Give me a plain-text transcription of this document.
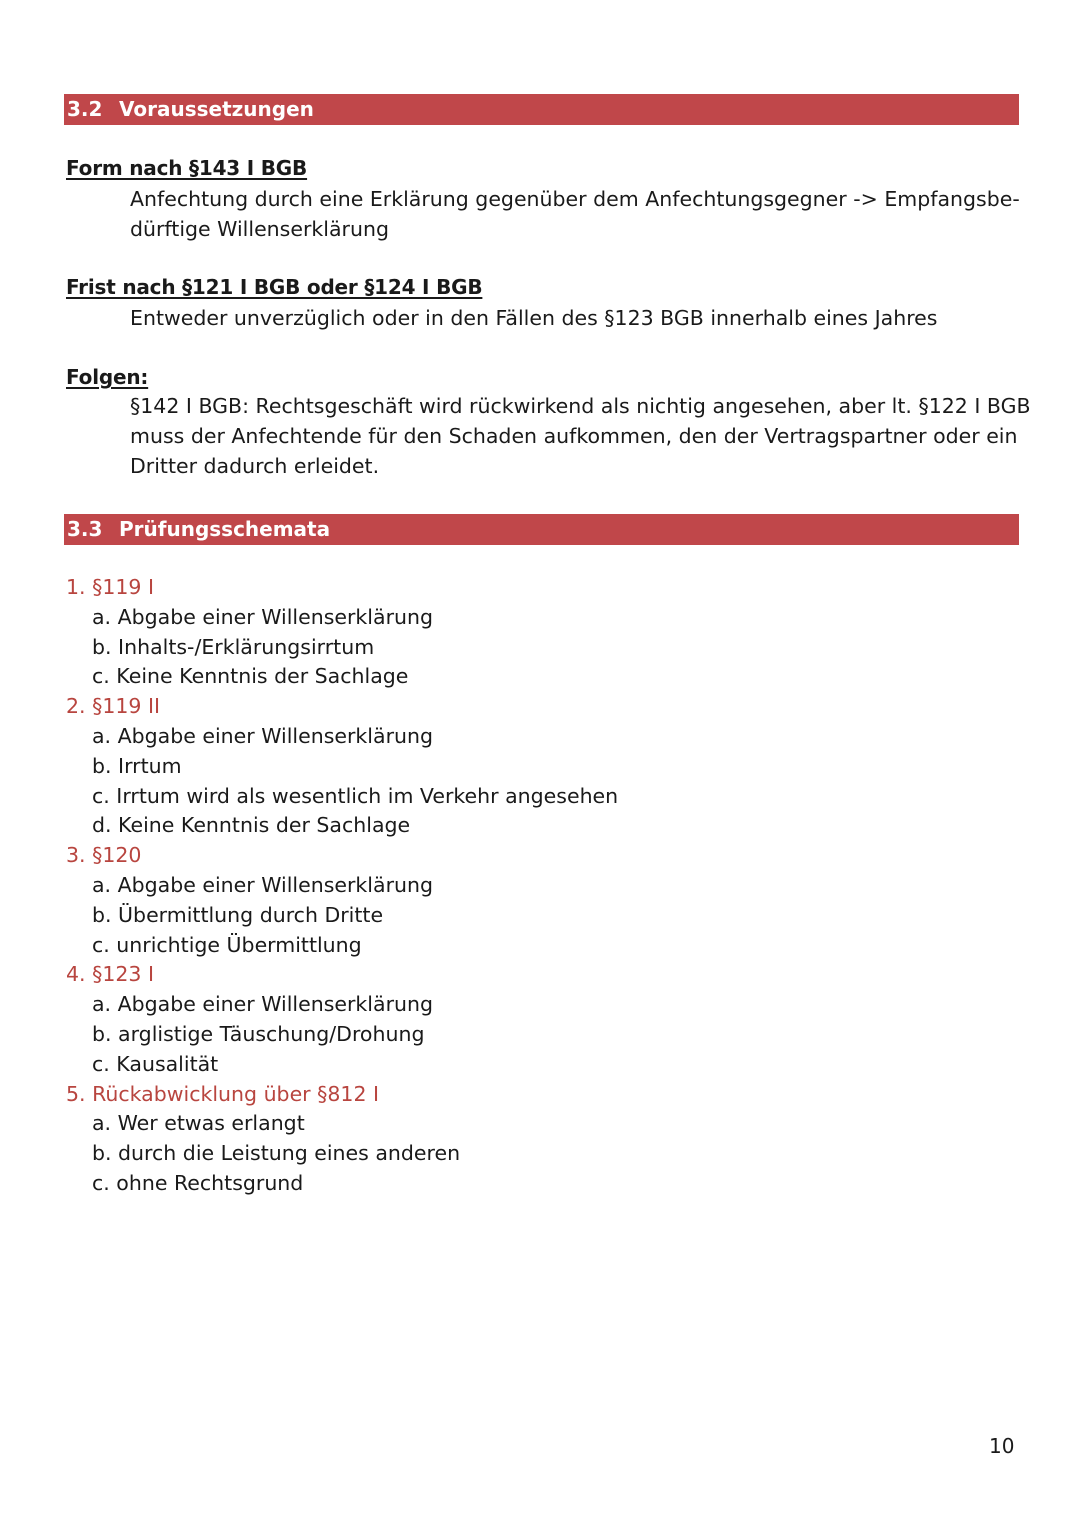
3.2 Voraussetzungen
Form nach §143 I BGB

Anfechtung durch eine Erklärung gegenüber dem Anfechtungsgegner -> Empfangsbe-
dürftige Willenserklärung

Frist nach §121 I BGB oder §124 I BGB

Entweder unverzüglich oder in den Fällen des §123 BGB innerhalb eines Jahres

Folgen:

§142 I BGB: Rechtsgeschäft wird rückwirkend als nichtig angesehen, aber lt. §122 I BGB
muss der Anfechtende für den Schaden aufkommen, den der Vertragspartner oder ein
Dritter dadurch erleidet.

3.3 Prüfungsschemata
1. §119 I
a. Abgabe einer Willenserklärung
b. Inhalts-/Erklärungsirrtum
c. Keine Kenntnis der Sachlage
2. §119 II
a. Abgabe einer Willenserklärung
b. Irrtum
c. Irrtum wird als wesentlich im Verkehr angesehen
d. Keine Kenntnis der Sachlage
3. §120
a. Abgabe einer Willenserklärung
b. Übermittlung durch Dritte
c. unrichtige Übermittlung
4. §123 I
a. Abgabe einer Willenserklärung
b. arglistige Täuschung/Drohung
c. Kausalität
5. Rückabwicklung über §812 I
a. Wer etwas erlangt
b. durch die Leistung eines anderen
c. ohne Rechtsgrund
10
